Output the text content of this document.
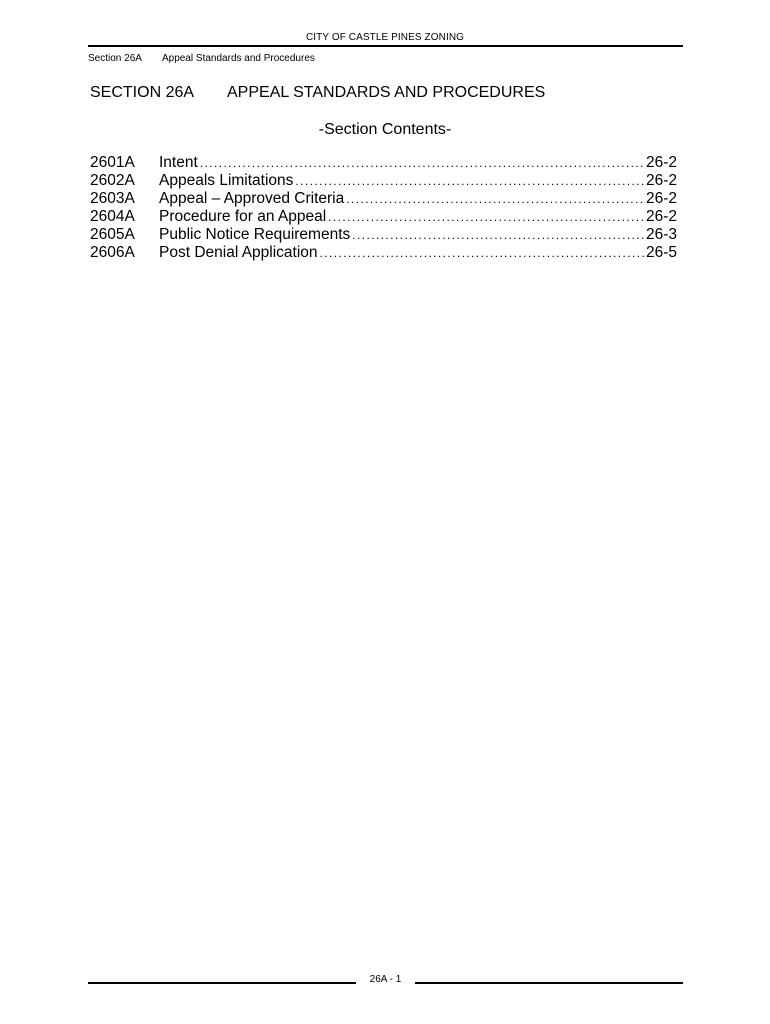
CITY OF CASTLE PINES ZONING
Section 26A Appeal Standards and Procedures
SECTION 26A APPEAL STANDARDS AND PROCEDURES
-Section Contents-
2601A	Intent .....	26-2
2602A	Appeals Limitations .....	26-2
2603A	Appeal – Approved Criteria .....	26-2
2604A	Procedure for an Appeal .....	26-2
2605A	Public Notice Requirements .....	26-3
2606A	Post Denial Application .....	26-5
26A - 1
